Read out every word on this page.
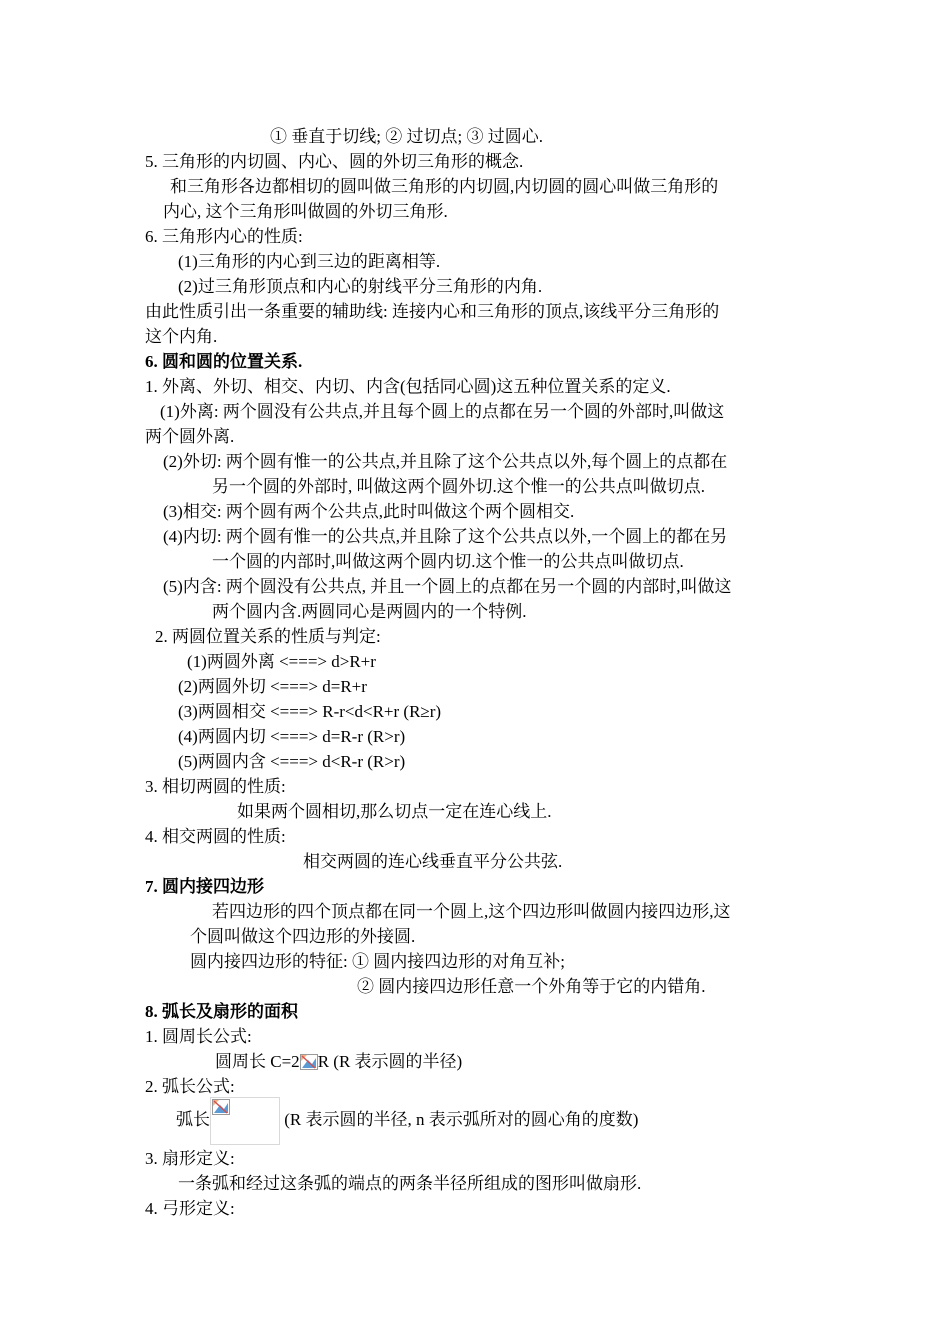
① 垂直于切线; ② 过切点; ③ 过圆心.
5. 三角形的内切圆、内心、圆的外切三角形的概念.
和三角形各边都相切的圆叫做三角形的内切圆,内切圆的圆心叫做三角形的
内心, 这个三角形叫做圆的外切三角形.
6. 三角形内心的性质:
(1)三角形的内心到三边的距离相等.
(2)过三角形顶点和内心的射线平分三角形的内角.
由此性质引出一条重要的辅助线: 连接内心和三角形的顶点,该线平分三角形的
这个内角.
6. 圆和圆的位置关系.
1. 外离、外切、相交、内切、内含(包括同心圆)这五种位置关系的定义.
(1)外离: 两个圆没有公共点,并且每个圆上的点都在另一个圆的外部时,叫做这
两个圆外离.
(2)外切: 两个圆有惟一的公共点,并且除了这个公共点以外,每个圆上的点都在
另一个圆的外部时, 叫做这两个圆外切.这个惟一的公共点叫做切点.
(3)相交: 两个圆有两个公共点,此时叫做这个两个圆相交.
(4)内切: 两个圆有惟一的公共点,并且除了这个公共点以外,一个圆上的都在另
一个圆的内部时,叫做这两个圆内切.这个惟一的公共点叫做切点.
(5)内含: 两个圆没有公共点, 并且一个圆上的点都在另一个圆的内部时,叫做这
两个圆内含.两圆同心是两圆内的一个特例.
2. 两圆位置关系的性质与判定:
(1)两圆外离 <===> d>R+r
(2)两圆外切 <===> d=R+r
(3)两圆相交 <===> R-r<d<R+r (R≥r)
(4)两圆内切 <===> d=R-r (R>r)
(5)两圆内含 <===> d<R-r (R>r)
3. 相切两圆的性质:
如果两个圆相切,那么切点一定在连心线上.
4. 相交两圆的性质:
相交两圆的连心线垂直平分公共弦.
7. 圆内接四边形
若四边形的四个顶点都在同一个圆上,这个四边形叫做圆内接四边形,这
个圆叫做这个四边形的外接圆.
圆内接四边形的特征: ① 圆内接四边形的对角互补;
② 圆内接四边形任意一个外角等于它的内错角.
8. 弧长及扇形的面积
1. 圆周长公式:
圆周长 C=2 R (R 表示圆的半径)
2. 弧长公式:
弧长	(R 表示圆的半径, n 表示弧所对的圆心角的度数)
3. 扇形定义:
一条弧和经过这条弧的端点的两条半径所组成的图形叫做扇形.
4. 弓形定义:
